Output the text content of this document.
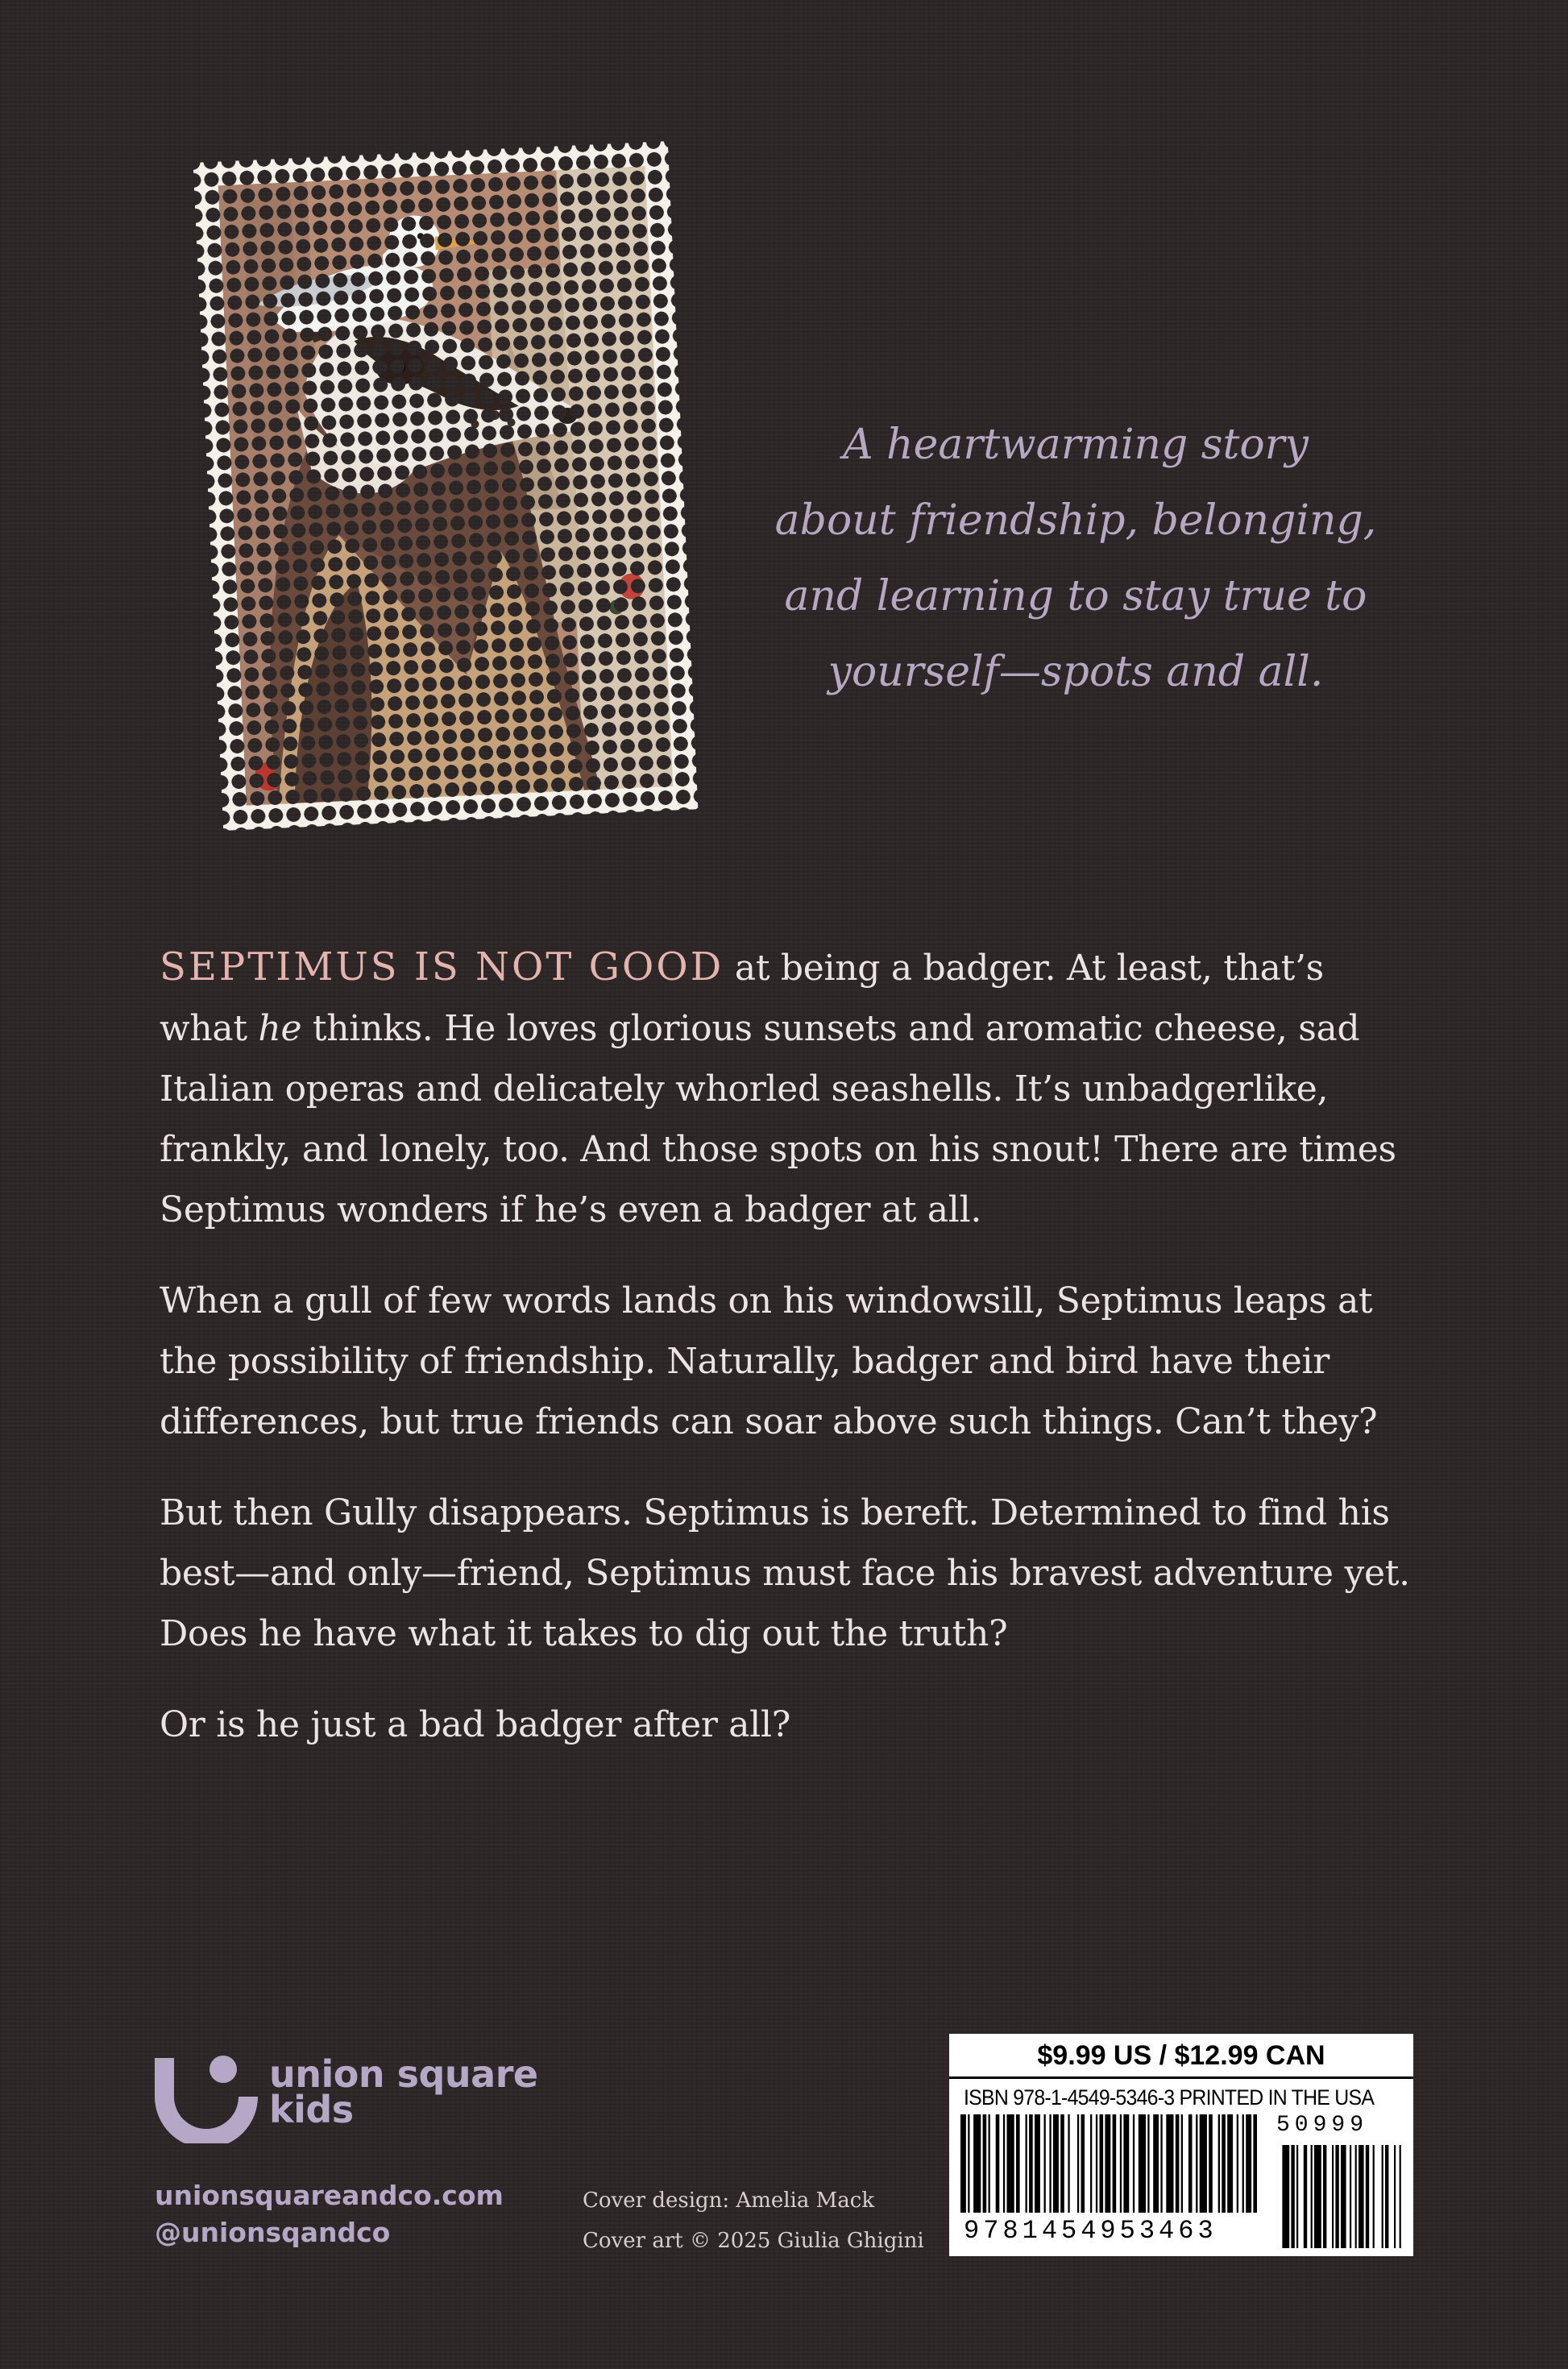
A heartwarming story
about friendship, belonging,
and learning to stay true to
yourself—spots and all.

SEPTIMUS IS NOT GOOD at being a badger. At least, that’s what he thinks. He loves glorious sunsets and aromatic cheese, sad Italian operas and delicately whorled seashells. It’s unbadgerlike, frankly, and lonely, too. And those spots on his snout! There are times Septimus wonders if he’s even a badger at all.

When a gull of few words lands on his windowsill, Septimus leaps at the possibility of friendship. Naturally, badger and bird have their differences, but true friends can soar above such things. Can’t they?

But then Gully disappears. Septimus is bereft. Determined to find his best—and only—friend, Septimus must face his bravest adventure yet. Does he have what it takes to dig out the truth?

Or is he just a bad badger after all?

union square
kids
unionsquareandco.com
@unionsqandco
Cover design: Amelia Mack
Cover art © 2025 Giulia Ghigini
$9.99 US / $12.99 CAN
ISBN 978-1-4549-5346-3 PRINTED IN THE USA
50999
9781454953463
